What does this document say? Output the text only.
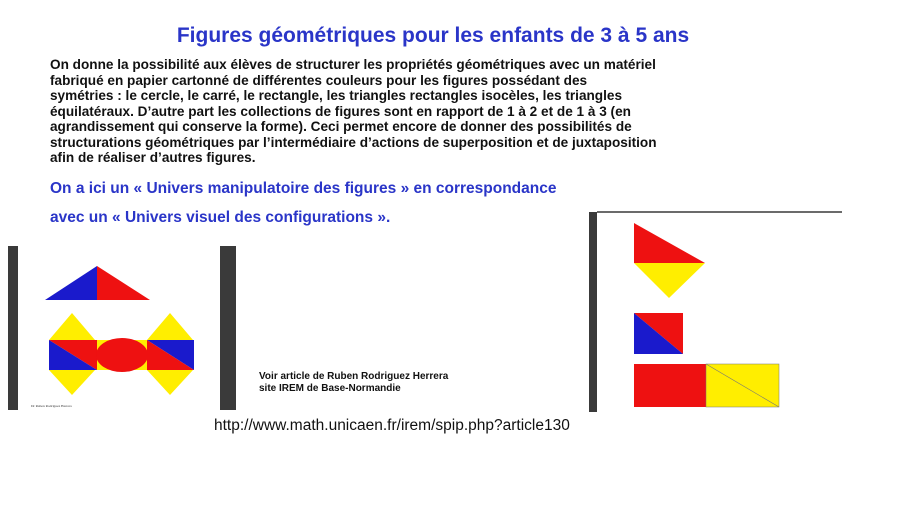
Figures géométriques pour les enfants de 3 à 5 ans
On donne la possibilité aux élèves de structurer les propriétés géométriques avec un matériel
fabriqué en papier cartonné de différentes couleurs pour les figures possédant des
symétries : le cercle, le carré, le rectangle, les triangles rectangles isocèles, les triangles
équilatéraux. D’autre part les collections de figures sont en rapport de 1 à 2 et de 1 à 3 (en
agrandissement qui conserve la forme). Ceci permet encore de donner des possibilités de
structurations géométriques par l’intermédiaire d’actions de superposition et de juxtaposition
afin de réaliser d’autres figures.
On a ici un « Univers manipulatoire des figures » en correspondance
avec un « Univers visuel des configurations ».
Dr Ruben Rodriguez Herrera
Voir article de Ruben Rodriguez Herrera
site IREM de Base-Normandie
http://www.math.unicaen.fr/irem/spip.php?article130
